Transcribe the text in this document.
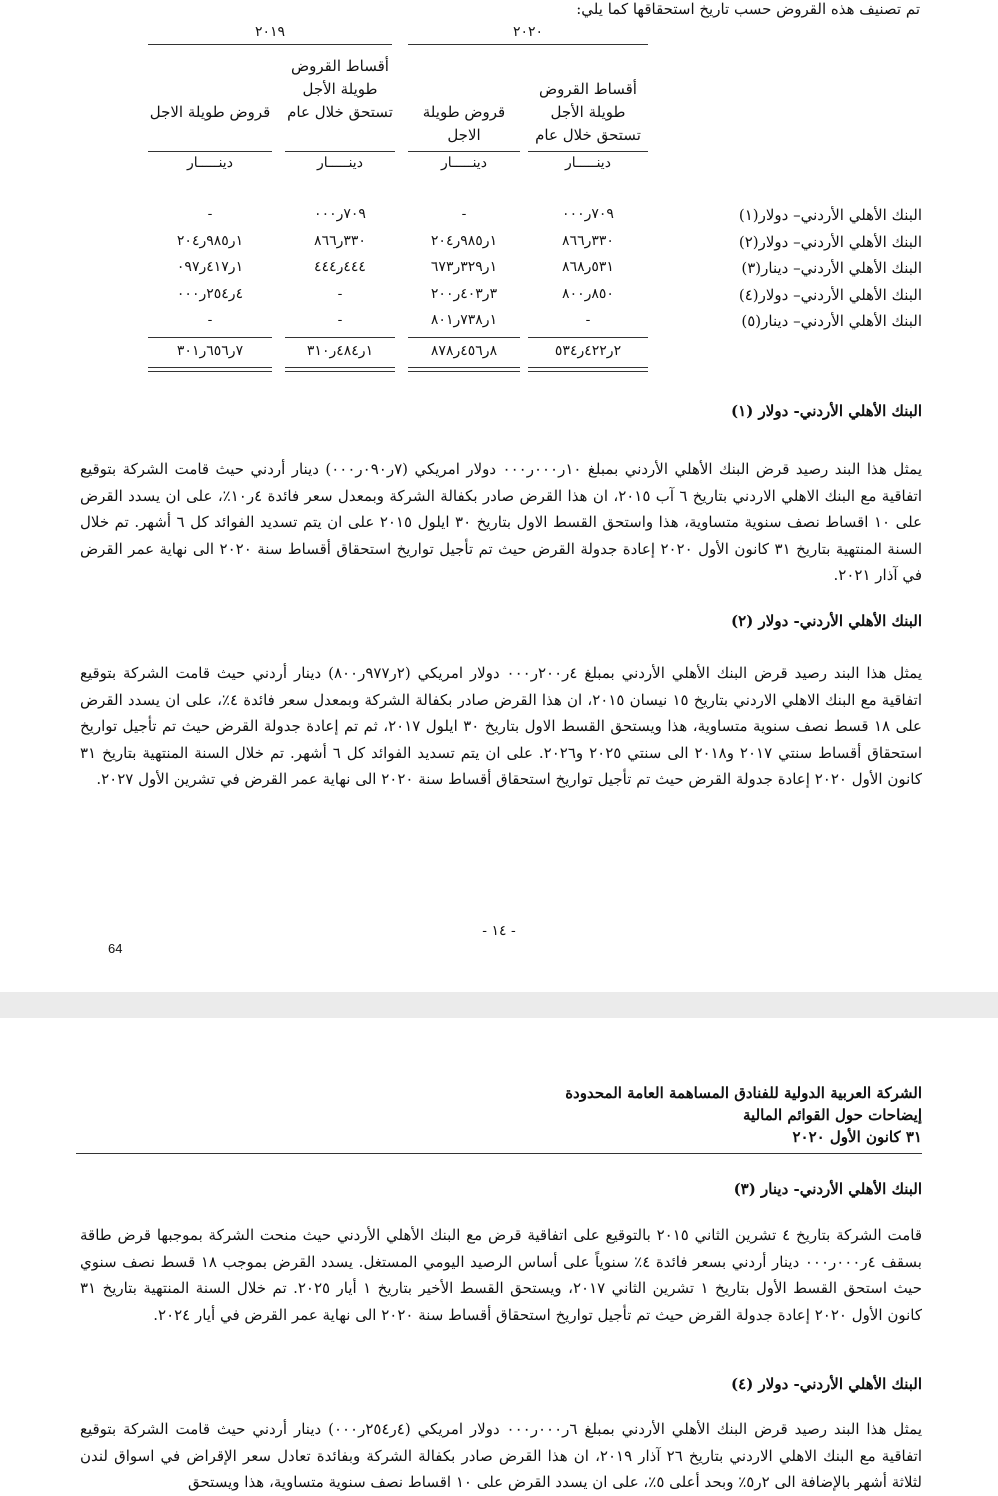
تم تصنيف هذه القروض حسب تاريخ استحقاقها كما يلي:
٢٠٢٠
٢٠١٩
أقساط القروض طويلة الأجل تستحق خلال عام
قروض طويلة الاجل
أقساط القروض طويلة الأجل تستحق خلال عام
قروض طويلة الاجل
دينـــــار
دينـــــار
دينـــــار
دينـــــار
البنك الأهلي الأردني– دولار(١)
٧٠٩ر٠٠٠
-
٧٠٩ر٠٠٠
-
البنك الأهلي الأردني– دولار(٢)
٣٣٠ر٨٦٦
١ر٩٨٥ر٢٠٤
٣٣٠ر٨٦٦
١ر٩٨٥ر٢٠٤
البنك الأهلي الأردني– دينار(٣)
٥٣١ر٨٦٨
١ر٣٢٩ر٦٧٣
٤٤٤ر٤٤٤
١ر٤١٧ر٠٩٧
البنك الأهلي الأردني– دولار(٤)
٨٥٠ر٨٠٠
٣ر٤٠٣ر٢٠٠
-
٤ر٢٥٤ر٠٠٠
البنك الأهلي الأردني– دينار(٥)
-
١ر٧٣٨ر٨٠١
-
-
٢ر٤٢٢ر٥٣٤
٨ر٤٥٦ر٨٧٨
١ر٤٨٤ر٣١٠
٧ر٦٥٦ر٣٠١
البنك الأهلي الأردني- دولار (١)
يمثل هذا البند رصيد قرض البنك الأهلي الأردني بمبلغ ١٠ر٠٠٠ر٠٠٠ دولار امريكي (٧ر٠٩٠ر٠٠٠) دينار أردني حيث قامت الشركة بتوقيع اتفاقية مع البنك الاهلي الاردني بتاريخ ٦ آب ٢٠١٥، ان هذا القرض صادر بكفالة الشركة وبمعدل سعر فائدة ٤ر١٠٪، على ان يسدد القرض على ١٠ اقساط نصف سنوية متساوية، هذا واستحق القسط الاول بتاريخ ٣٠ ايلول ٢٠١٥ على ان يتم تسديد الفوائد كل ٦ أشهر. تم خلال السنة المنتهية بتاريخ ٣١ كانون الأول ٢٠٢٠ إعادة جدولة القرض حيث تم تأجيل تواريخ استحقاق أقساط سنة ٢٠٢٠ الى نهاية عمر القرض في آذار ٢٠٢١.
البنك الأهلي الأردني- دولار (٢)
يمثل هذا البند رصيد قرض البنك الأهلي الأردني بمبلغ ٤ر٢٠٠ر٠٠٠ دولار امريكي (٢ر٩٧٧ر٨٠٠) دينار أردني حيث قامت الشركة بتوقيع اتفاقية مع البنك الاهلي الاردني بتاريخ ١٥ نيسان ٢٠١٥، ان هذا القرض صادر بكفالة الشركة وبمعدل سعر فائدة ٤٪، على ان يسدد القرض على ١٨ قسط نصف سنوية متساوية، هذا ويستحق القسط الاول بتاريخ ٣٠ ايلول ٢٠١٧، ثم تم إعادة جدولة القرض حيث تم تأجيل تواريخ استحقاق أقساط سنتي ٢٠١٧ و٢٠١٨ الى سنتي ٢٠٢٥ و٢٠٢٦. على ان يتم تسديد الفوائد كل ٦ أشهر. تم خلال السنة المنتهية بتاريخ ٣١ كانون الأول ٢٠٢٠ إعادة جدولة القرض حيث تم تأجيل تواريخ استحقاق أقساط سنة ٢٠٢٠ الى نهاية عمر القرض في تشرين الأول ٢٠٢٧.
- ١٤ -
64
الشركة العربية الدولية للفنادق المساهمة العامة المحدودة
إيضاحات حول القوائم المالية
٣١ كانون الأول ٢٠٢٠
البنك الأهلي الأردني- دينار (٣)
قامت الشركة بتاريخ ٤ تشرين الثاني ٢٠١٥ بالتوقيع على اتفاقية قرض مع البنك الأهلي الأردني حيث منحت الشركة بموجبها قرض طاقة بسقف ٤ر٠٠٠ر٠٠٠ دينار أردني بسعر فائدة ٤٪ سنوياً على أساس الرصيد اليومي المستغل. يسدد القرض بموجب ١٨ قسط نصف سنوي حيث استحق القسط الأول بتاريخ ١ تشرين الثاني ٢٠١٧، ويستحق القسط الأخير بتاريخ ١ أيار ٢٠٢٥. تم خلال السنة المنتهية بتاريخ ٣١ كانون الأول ٢٠٢٠ إعادة جدولة القرض حيث تم تأجيل تواريخ استحقاق أقساط سنة ٢٠٢٠ الى نهاية عمر القرض في أيار ٢٠٢٤.
البنك الأهلي الأردني- دولار (٤)
يمثل هذا البند رصيد قرض البنك الأهلي الأردني بمبلغ ٦ر٠٠٠ر٠٠٠ دولار امريكي (٤ر٢٥٤ر٠٠٠) دينار أردني حيث قامت الشركة بتوقيع اتفاقية مع البنك الاهلي الاردني بتاريخ ٢٦ آذار ٢٠١٩، ان هذا القرض صادر بكفالة الشركة وبفائدة تعادل سعر الإقراض في اسواق لندن لثلاثة أشهر بالإضافة الى ٢ر٥٪ وبحد أعلى ٥٪، على ان يسدد القرض على ١٠ اقساط نصف سنوية متساوية، هذا ويستحق
